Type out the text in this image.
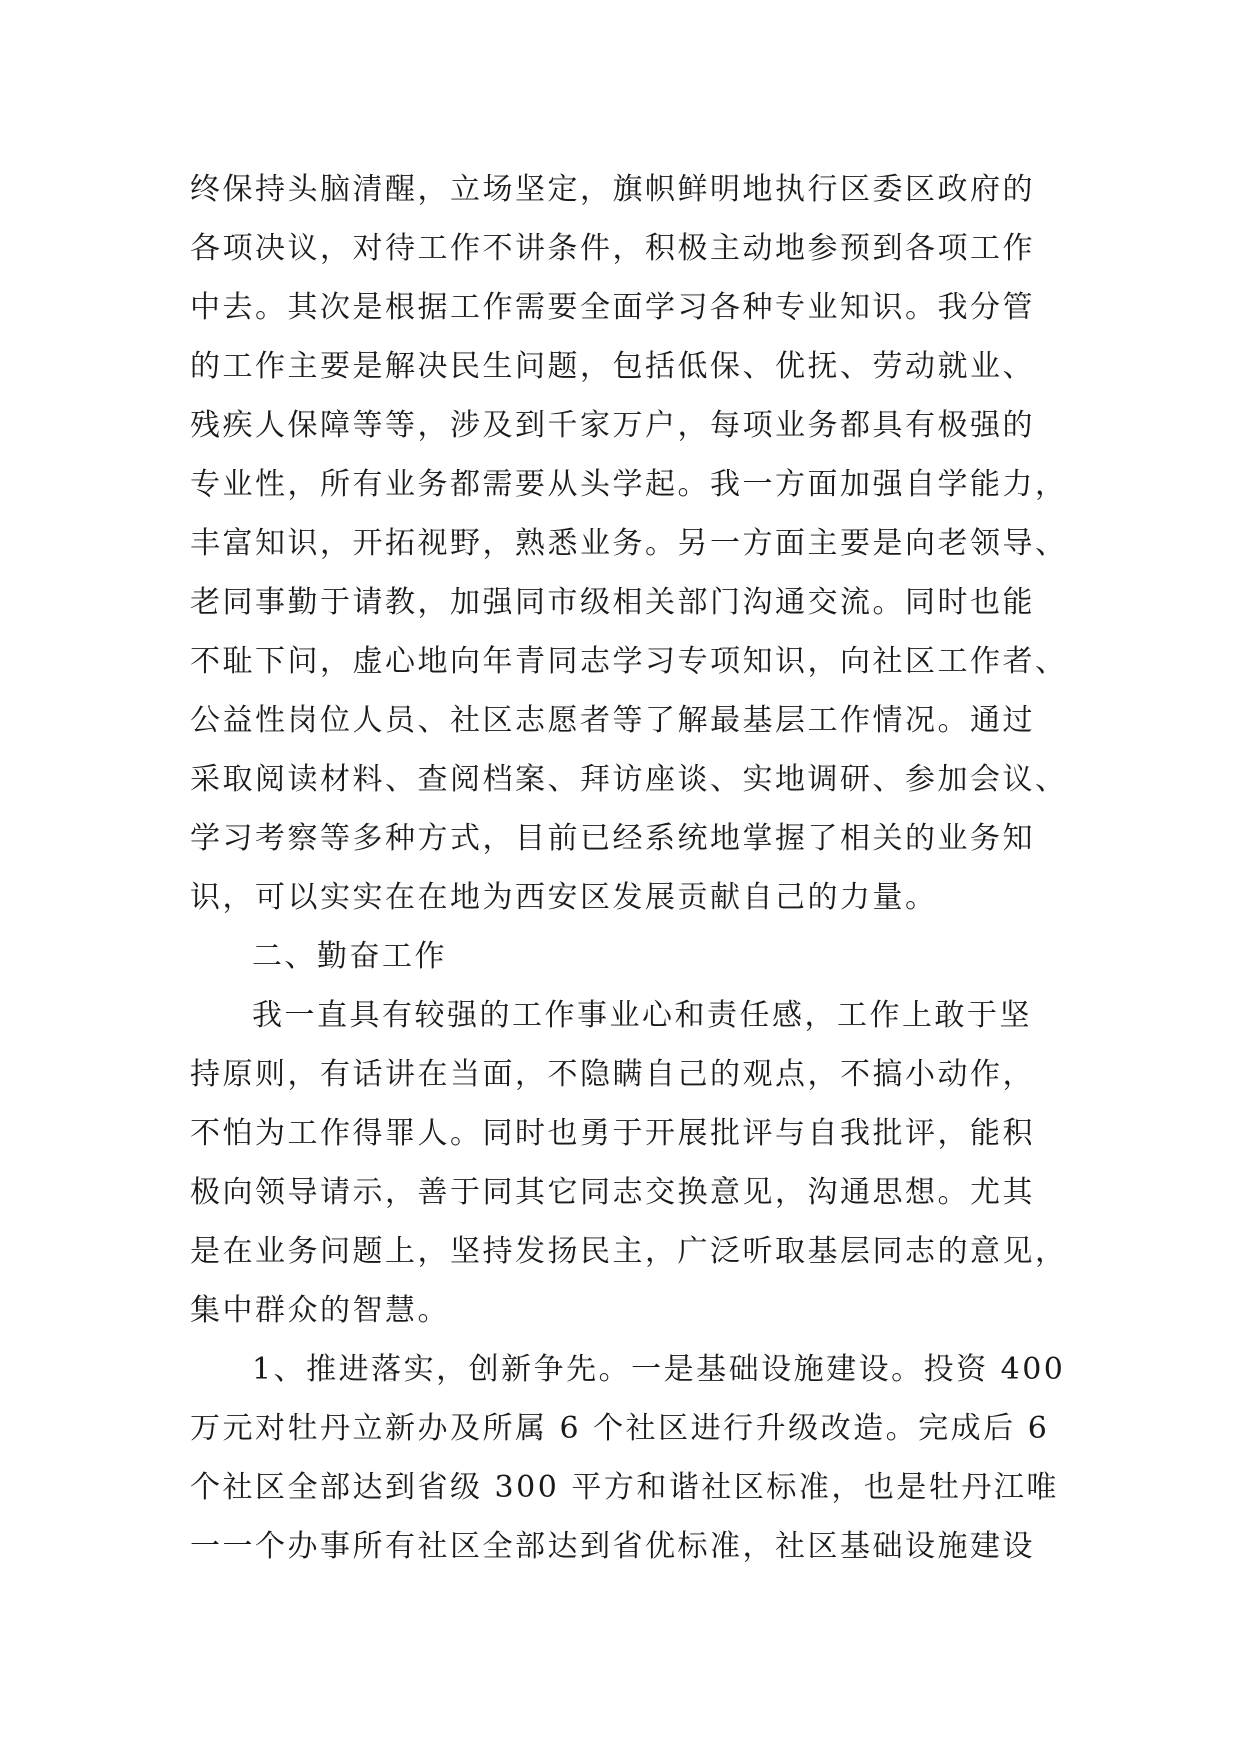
终保持头脑清醒，立场坚定，旗帜鲜明地执行区委区政府的
各项决议，对待工作不讲条件，积极主动地参预到各项工作
中去。其次是根据工作需要全面学习各种专业知识。我分管
的工作主要是解决民生问题，包括低保、优抚、劳动就业、
残疾人保障等等，涉及到千家万户，每项业务都具有极强的
专业性，所有业务都需要从头学起。我一方面加强自学能力，
丰富知识，开拓视野，熟悉业务。另一方面主要是向老领导、
老同事勤于请教，加强同市级相关部门沟通交流。同时也能
不耻下问，虚心地向年青同志学习专项知识，向社区工作者、
公益性岗位人员、社区志愿者等了解最基层工作情况。通过
采取阅读材料、查阅档案、拜访座谈、实地调研、参加会议、
学习考察等多种方式，目前已经系统地掌握了相关的业务知
识，可以实实在在地为西安区发展贡献自己的力量。
二、勤奋工作
我一直具有较强的工作事业心和责任感，工作上敢于坚
持原则，有话讲在当面，不隐瞒自己的观点，不搞小动作，
不怕为工作得罪人。同时也勇于开展批评与自我批评，能积
极向领导请示，善于同其它同志交换意见，沟通思想。尤其
是在业务问题上，坚持发扬民主，广泛听取基层同志的意见，
集中群众的智慧。
1、推进落实，创新争先。一是基础设施建设。投资 400
万元对牡丹立新办及所属 6 个社区进行升级改造。完成后 6
个社区全部达到省级 300 平方和谐社区标准，也是牡丹江唯
一一个办事所有社区全部达到省优标准，社区基础设施建设
